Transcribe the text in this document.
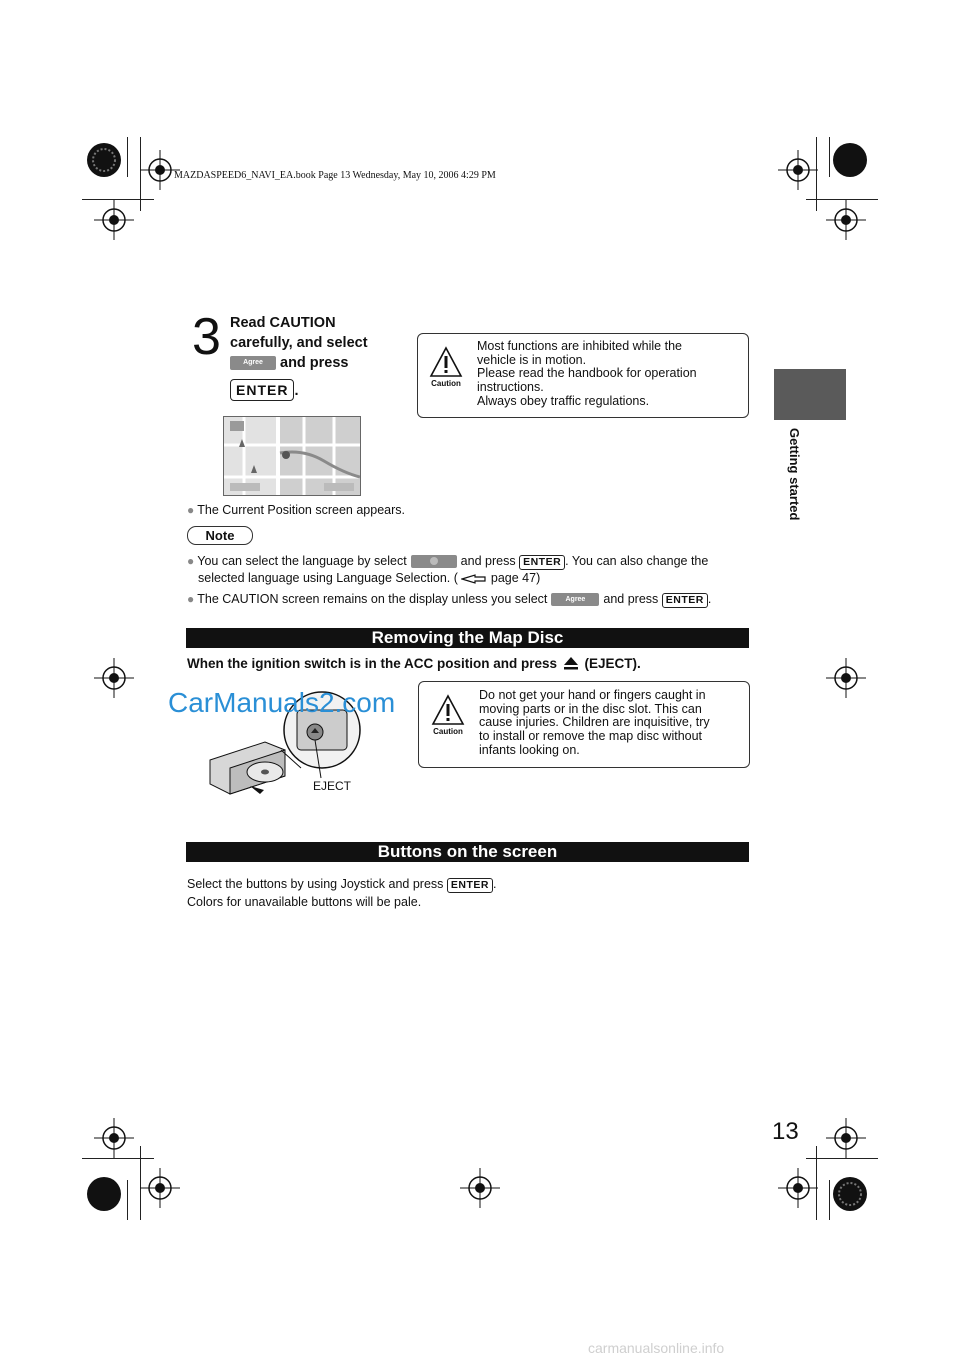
MAZDASPEED6_NAVI_EA.book Page 13 Wednesday, May 10, 2006 4:29 PM
Getting started
3 Read CAUTION
carefully, and select
Agree and press
ENTER .	Caution
Most functions are inhibited while the
vehicle is in motion.
Please read the handbook for operation
instructions.
Always obey traffic regulations.
● The Current Position screen appears.
Note
● You can select the language by select	and press ENTER . You can also change the
selected language using Language Selection. (	page 47)
● The CAUTION screen remains on the display unless you select	Agree and press ENTER .
Removing the Map Disc
When the ignition switch is in the ACC position and press (EJECT).
CarManuals2.com
EJECT
Caution
Do not get your hand or fingers caught in
moving parts or in the disc slot. This can
cause injuries. Children are inquisitive, try
to install or remove the map disc without
infants looking on.
Buttons on the screen
Select the buttons by using Joystick and press ENTER .
Colors for unavailable buttons will be pale.
13
carmanualsonline.info
